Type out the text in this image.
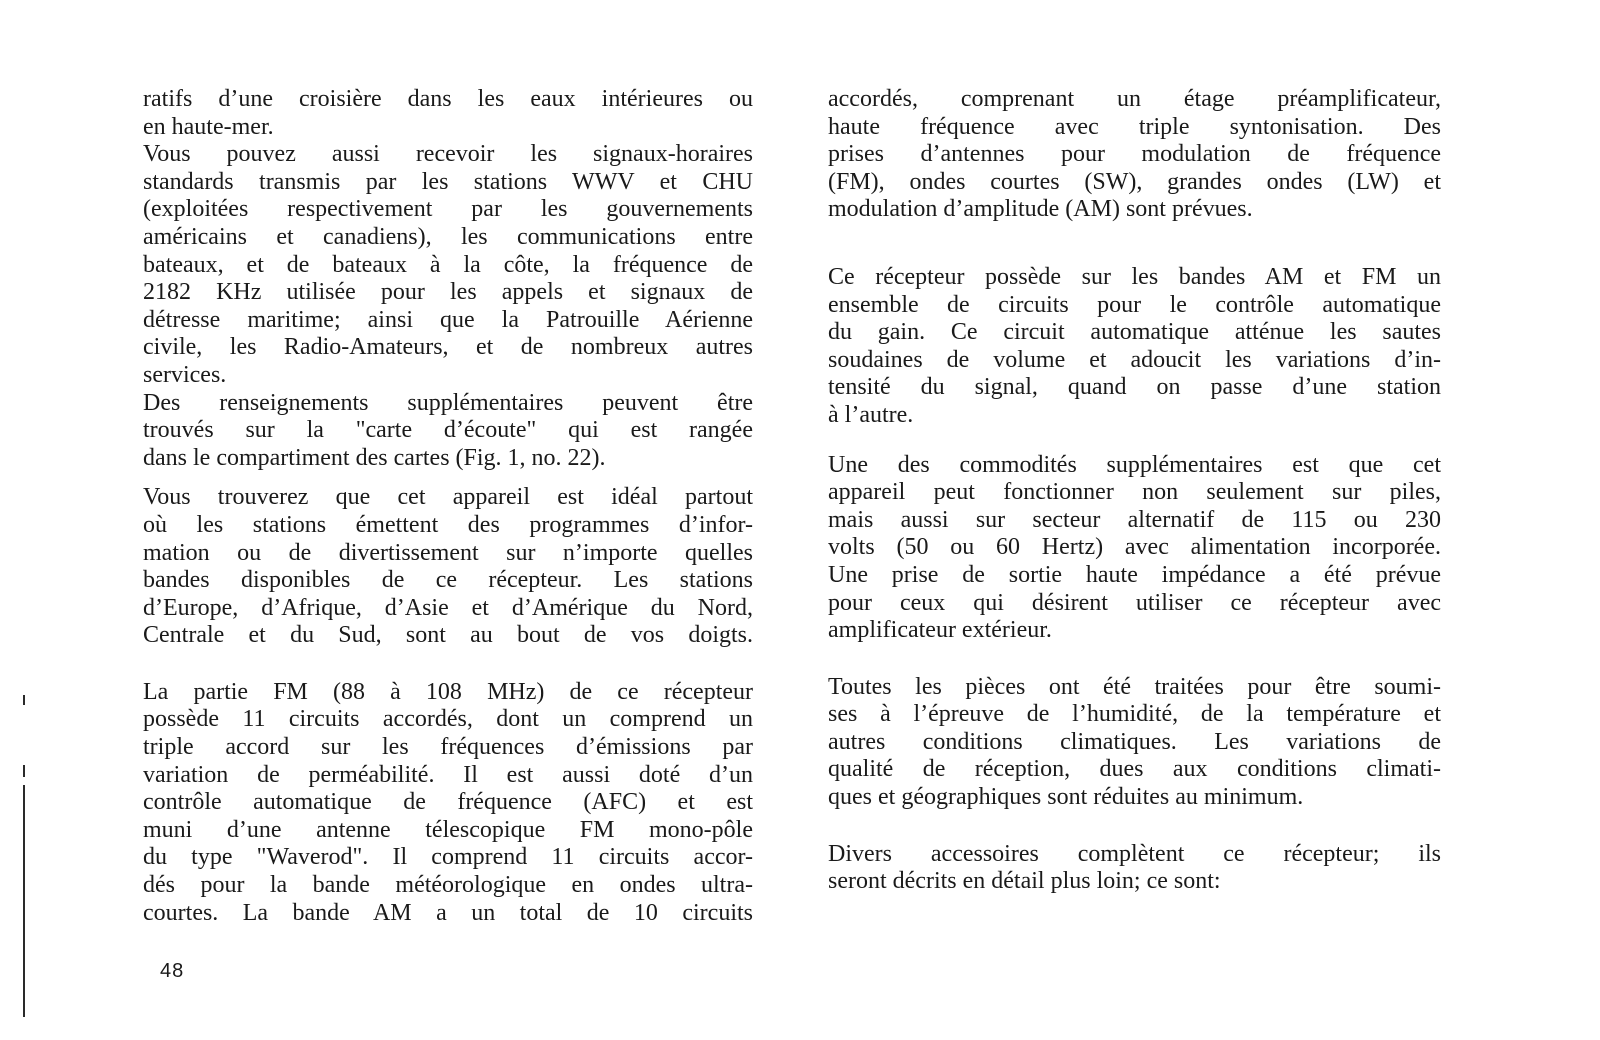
ratifs d’une croisière dans les eaux intérieures ou
en haute-mer.
Vous pouvez aussi recevoir les signaux-horaires
standards transmis par les stations WWV et CHU
(exploitées respectivement par les gouvernements
américains et canadiens), les communications entre
bateaux, et de bateaux à la côte, la fréquence de
2182 KHz utilisée pour les appels et signaux de
détresse maritime; ainsi que la Patrouille Aérienne
civile, les Radio-Amateurs, et de nombreux autres
services.
Des renseignements supplémentaires peuvent être
trouvés sur la "carte d’écoute" qui est rangée
dans le compartiment des cartes (Fig. 1, no. 22).
Vous trouverez que cet appareil est idéal partout
où les stations émettent des programmes d’infor-
mation ou de divertissement sur n’importe quelles
bandes disponibles de ce récepteur. Les stations
d’Europe, d’Afrique, d’Asie et d’Amérique du Nord,
Centrale et du Sud, sont au bout de vos doigts.
La partie FM (88 à 108 MHz) de ce récepteur
possède 11 circuits accordés, dont un comprend un
triple accord sur les fréquences d’émissions par
variation de perméabilité. Il est aussi doté d’un
contrôle automatique de fréquence (AFC) et est
muni d’une antenne télescopique FM mono-pôle
du type "Waverod". Il comprend 11 circuits accor-
dés pour la bande météorologique en ondes ultra-
courtes. La bande AM a un total de 10 circuits
accordés, comprenant un étage préamplificateur,
haute fréquence avec triple syntonisation. Des
prises d’antennes pour modulation de fréquence
(FM), ondes courtes (SW), grandes ondes (LW) et
modulation d’amplitude (AM) sont prévues.
Ce récepteur possède sur les bandes AM et FM un
ensemble de circuits pour le contrôle automatique
du gain. Ce circuit automatique atténue les sautes
soudaines de volume et adoucit les variations d’in-
tensité du signal, quand on passe d’une station
à l’autre.
Une des commodités supplémentaires est que cet
appareil peut fonctionner non seulement sur piles,
mais aussi sur secteur alternatif de 115 ou 230
volts (50 ou 60 Hertz) avec alimentation incorporée.
Une prise de sortie haute impédance a été prévue
pour ceux qui désirent utiliser ce récepteur avec
amplificateur extérieur.
Toutes les pièces ont été traitées pour être soumi-
ses à l’épreuve de l’humidité, de la température et
autres conditions climatiques. Les variations de
qualité de réception, dues aux conditions climati-
ques et géographiques sont réduites au minimum.
Divers accessoires complètent ce récepteur; ils
seront décrits en détail plus loin; ce sont:
48
